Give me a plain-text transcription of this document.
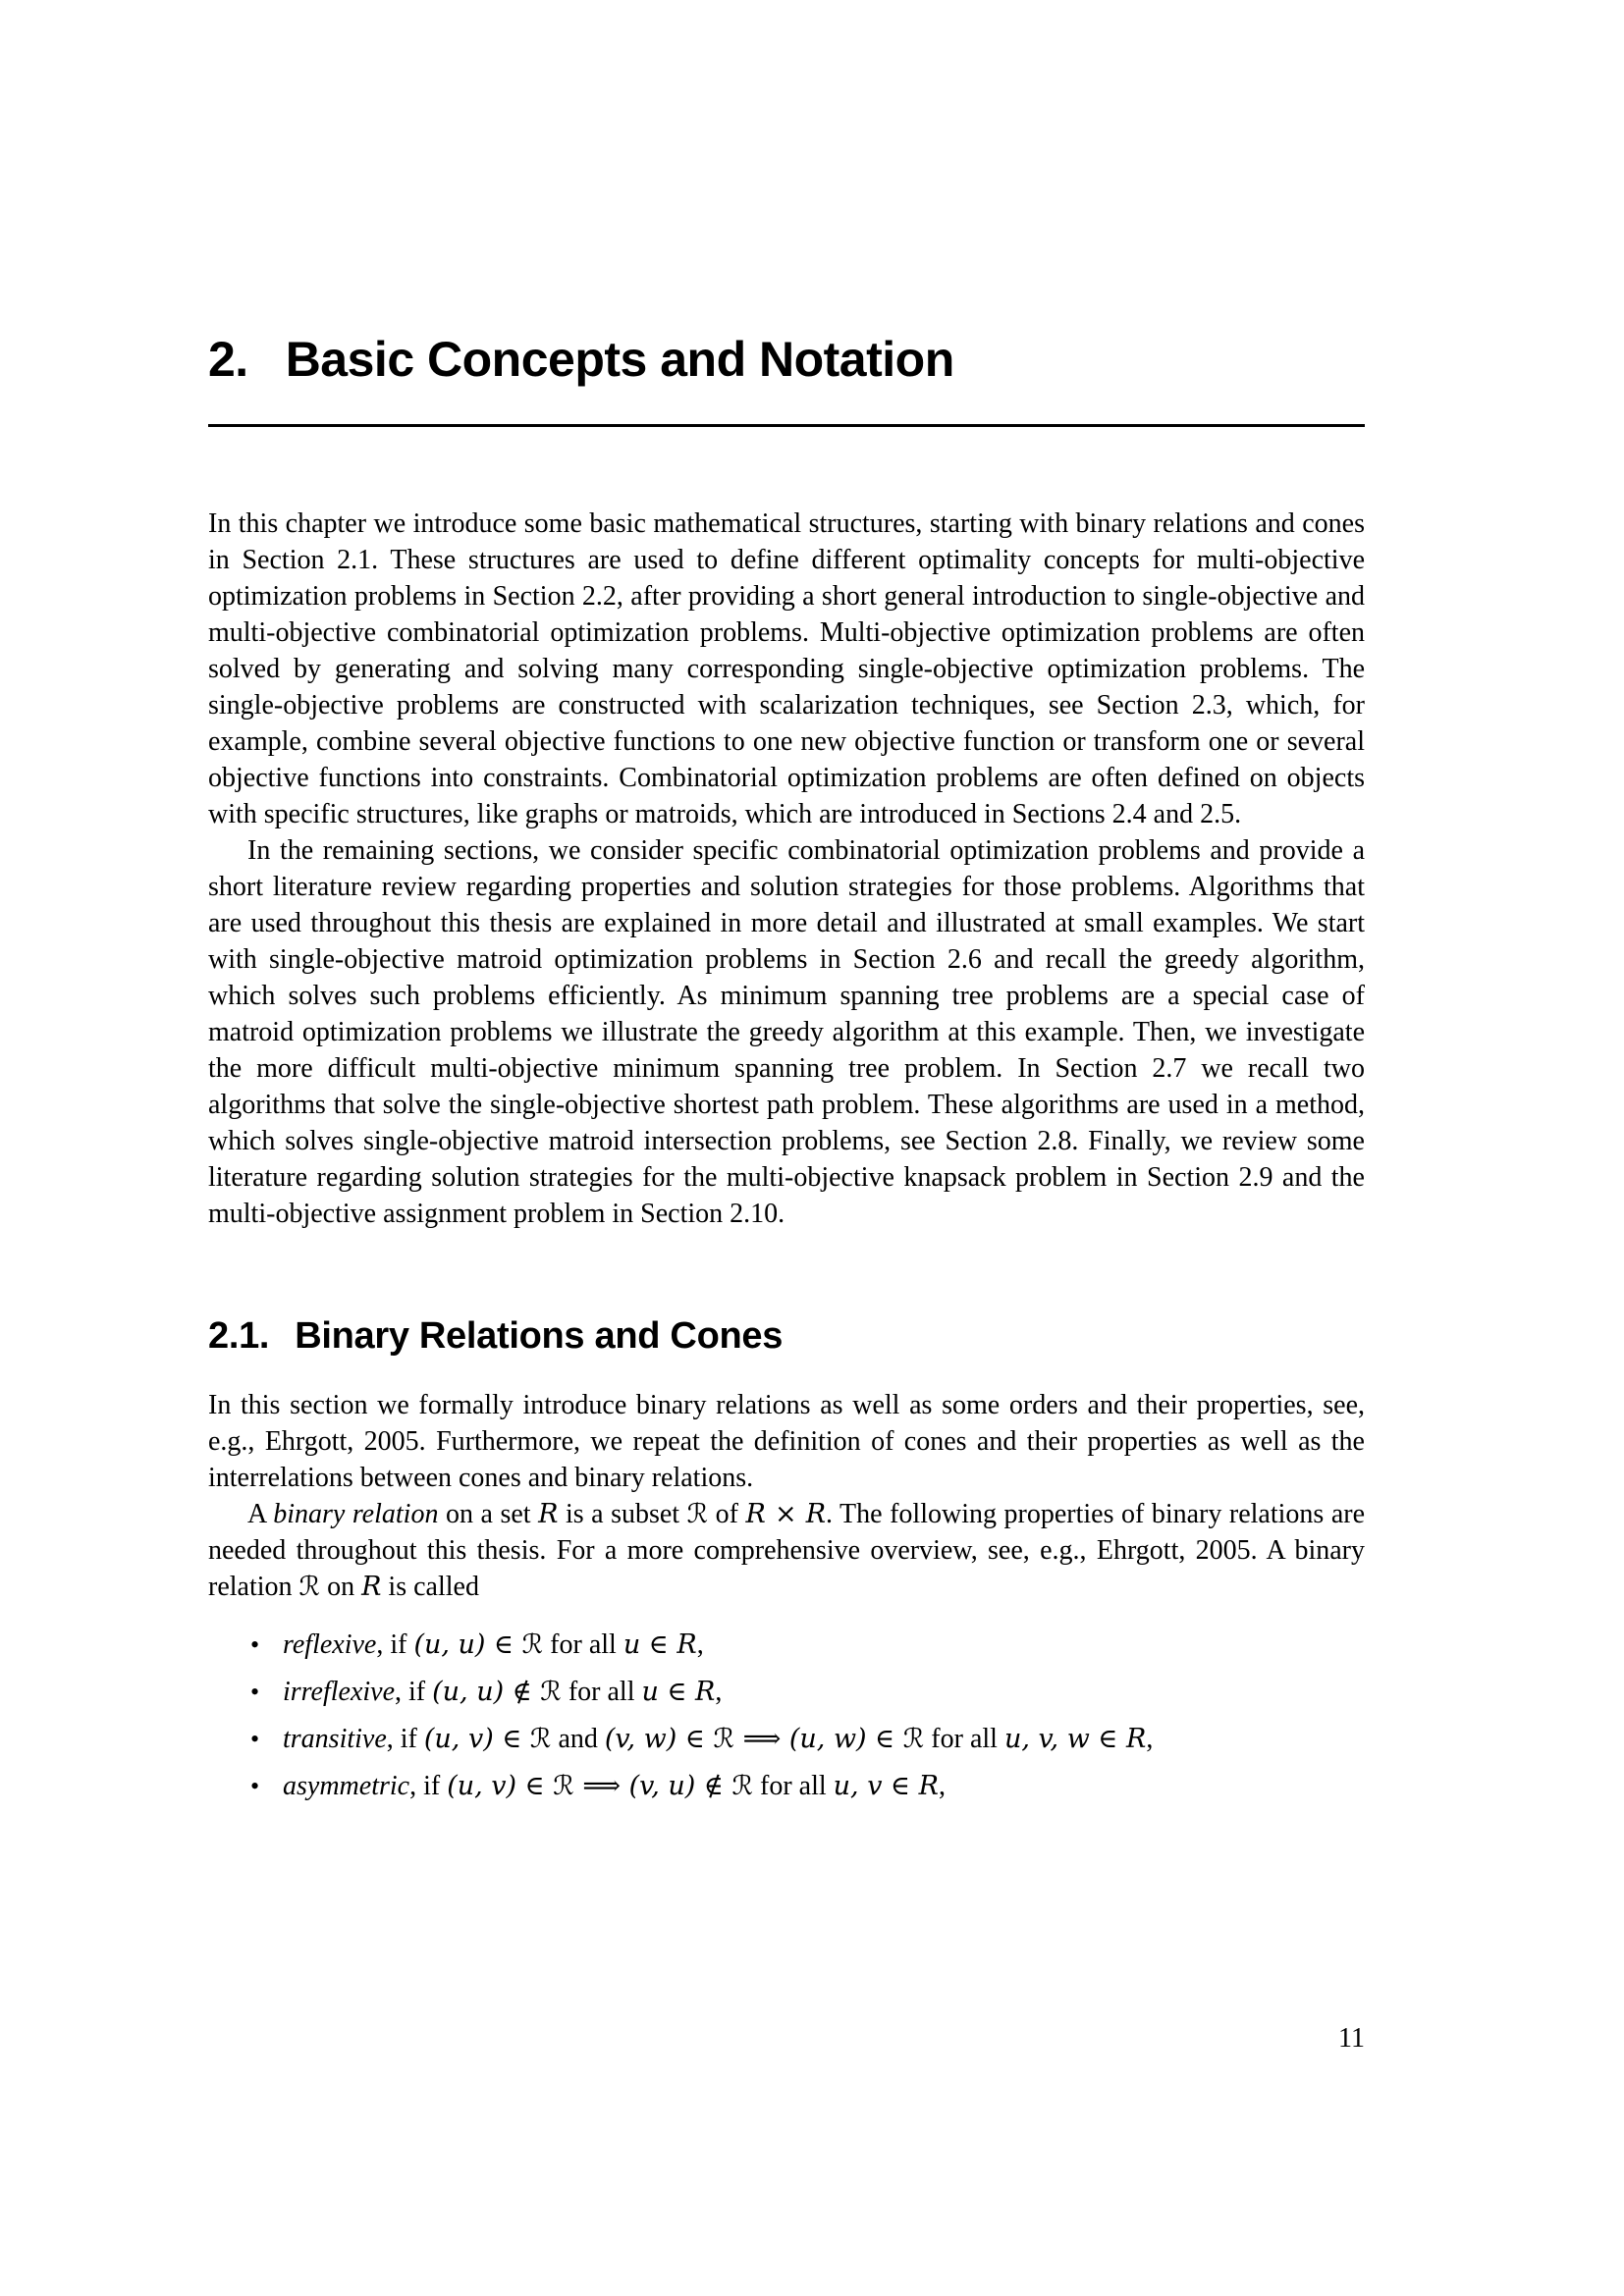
2. Basic Concepts and Notation

In this chapter we introduce some basic mathematical structures, starting with binary relations and cones in Section 2.1. These structures are used to define different optimality concepts for multi-objective optimization problems in Section 2.2, after providing a short general introduction to single-objective and multi-objective combinatorial optimization problems. Multi-objective optimization problems are often solved by generating and solving many corresponding single-objective optimization problems. The single-objective problems are constructed with scalarization techniques, see Section 2.3, which, for example, combine several objective functions to one new objective function or transform one or several objective functions into constraints. Combinatorial optimization problems are often defined on objects with specific structures, like graphs or matroids, which are introduced in Sections 2.4 and 2.5.

In the remaining sections, we consider specific combinatorial optimization problems and provide a short literature review regarding properties and solution strategies for those problems. Algorithms that are used throughout this thesis are explained in more detail and illustrated at small examples. We start with single-objective matroid optimization problems in Section 2.6 and recall the greedy algorithm, which solves such problems efficiently. As minimum spanning tree problems are a special case of matroid optimization problems we illustrate the greedy algorithm at this example. Then, we investigate the more difficult multi-objective minimum spanning tree problem. In Section 2.7 we recall two algorithms that solve the single-objective shortest path problem. These algorithms are used in a method, which solves single-objective matroid intersection problems, see Section 2.8. Finally, we review some literature regarding solution strategies for the multi-objective knapsack problem in Section 2.9 and the multi-objective assignment problem in Section 2.10.

2.1. Binary Relations and Cones

In this section we formally introduce binary relations as well as some orders and their properties, see, e.g., Ehrgott, 2005. Furthermore, we repeat the definition of cones and their properties as well as the interrelations between cones and binary relations.

A binary relation on a set R is a subset ℛ of R × R. The following properties of binary relations are needed throughout this thesis. For a more comprehensive overview, see, e.g., Ehrgott, 2005. A binary relation ℛ on R is called

• reflexive, if (u, u) ∈ ℛ for all u ∈ R,
• irreflexive, if (u, u) ∉ ℛ for all u ∈ R,
• transitive, if (u, v) ∈ ℛ and (v, w) ∈ ℛ ⟹ (u, w) ∈ ℛ for all u, v, w ∈ R,
• asymmetric, if (u, v) ∈ ℛ ⟹ (v, u) ∉ ℛ for all u, v ∈ R,
11
